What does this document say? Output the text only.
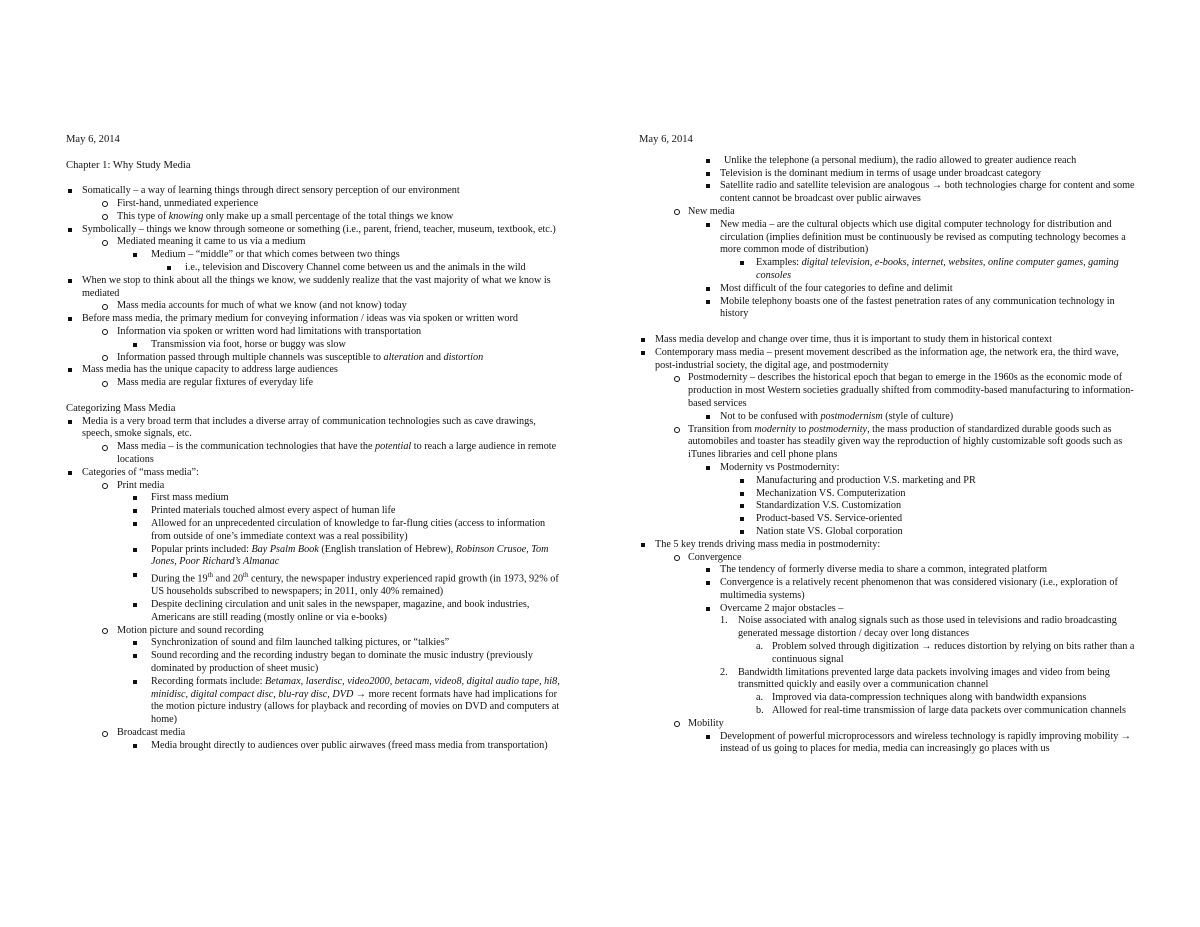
May 6, 2014

Chapter 1: Why Study Media

Somatically – a way of learning things through direct sensory perception of our environment
First-hand, unmediated experience
This type of knowing only make up a small percentage of the total things we know
Symbolically – things we know through someone or something (i.e., parent, friend, teacher, museum, textbook, etc.)
Mediated meaning it came to us via a medium
Medium – “middle” or that which comes between two things
i.e., television and Discovery Channel come between us and the animals in the wild
When we stop to think about all the things we know, we suddenly realize that the vast majority of what we know is mediated
Mass media accounts for much of what we know (and not know) today
Before mass media, the primary medium for conveying information / ideas was via spoken or written word
Information via spoken or written word had limitations with transportation
Transmission via foot, horse or buggy was slow
Information passed through multiple channels was susceptible to alteration and distortion
Mass media has the unique capacity to address large audiences
Mass media are regular fixtures of everyday life

Categorizing Mass Media

Media is a very broad term that includes a diverse array of communication technologies such as cave drawings, speech, smoke signals, etc.
Mass media – is the communication technologies that have the potential to reach a large audience in remote locations
Categories of “mass media”:
Print media
First mass medium
Printed materials touched almost every aspect of human life
Allowed for an unprecedented circulation of knowledge to far-flung cities (access to information from outside of one’s immediate context was a real possibility)
Popular prints included: Bay Psalm Book (English translation of Hebrew), Robinson Crusoe, Tom Jones, Poor Richard’s Almanac
During the 19th and 20th century, the newspaper industry experienced rapid growth (in 1973, 92% of US households subscribed to newspapers; in 2011, only 40% remained)
Despite declining circulation and unit sales in the newspaper, magazine, and book industries, Americans are still reading (mostly online or via e-books)
Motion picture and sound recording
Synchronization of sound and film launched talking pictures, or “talkies”
Sound recording and the recording industry began to dominate the music industry (previously dominated by production of sheet music)
Recording formats include: Betamax, laserdisc, video2000, betacam, video8, digital audio tape, hi8, minidisc, digital compact disc, blu-ray disc, DVD → more recent formats have had implications for the motion picture industry (allows for playback and recording of movies on DVD and computers at home)
Broadcast media
Media brought directly to audiences over public airwaves (freed mass media from transportation)

May 6, 2014

Unlike the telephone (a personal medium), the radio allowed to greater audience reach
Television is the dominant medium in terms of usage under broadcast category
Satellite radio and satellite television are analogous → both technologies charge for content and some content cannot be broadcast over public airwaves
New media
New media – are the cultural objects which use digital computer technology for distribution and circulation (implies definition must be continuously be revised as computing technology becomes a more common mode of distribution)
Examples: digital television, e-books, internet, websites, online computer games, gaming consoles
Most difficult of the four categories to define and delimit
Mobile telephony boasts one of the fastest penetration rates of any communication technology in history
Mass media develop and change over time, thus it is important to study them in historical context
Contemporary mass media – present movement described as the information age, the network era, the third wave, post-industrial society, the digital age, and postmodernity
Postmodernity – describes the historical epoch that began to emerge in the 1960s as the economic mode of production in most Western societies gradually shifted from commodity-based manufacturing to information-based services
Not to be confused with postmodernism (style of culture)
Transition from modernity to postmodernity, the mass production of standardized durable goods such as automobiles and toaster has steadily given way the reproduction of highly customizable soft goods such as iTunes libraries and cell phone plans
Modernity vs Postmodernity:
Manufacturing and production V.S. marketing and PR
Mechanization VS. Computerization
Standardization V.S. Customization
Product-based VS. Service-oriented
Nation state VS. Global corporation
The 5 key trends driving mass media in postmodernity:
Convergence
The tendency of formerly diverse media to share a common, integrated platform
Convergence is a relatively recent phenomenon that was considered visionary (i.e., exploration of multimedia systems)
Overcame 2 major obstacles –
1. Noise associated with analog signals such as those used in televisions and radio broadcasting generated message distortion / decay over long distances
a. Problem solved through digitization → reduces distortion by relying on bits rather than a continuous signal
2. Bandwidth limitations prevented large data packets involving images and video from being transmitted quickly and easily over a communication channel
a. Improved via data-compression techniques along with bandwidth expansions
b. Allowed for real-time transmission of large data packets over communication channels
Mobility
Development of powerful microprocessors and wireless technology is rapidly improving mobility → instead of us going to places for media, media can increasingly go places with us
